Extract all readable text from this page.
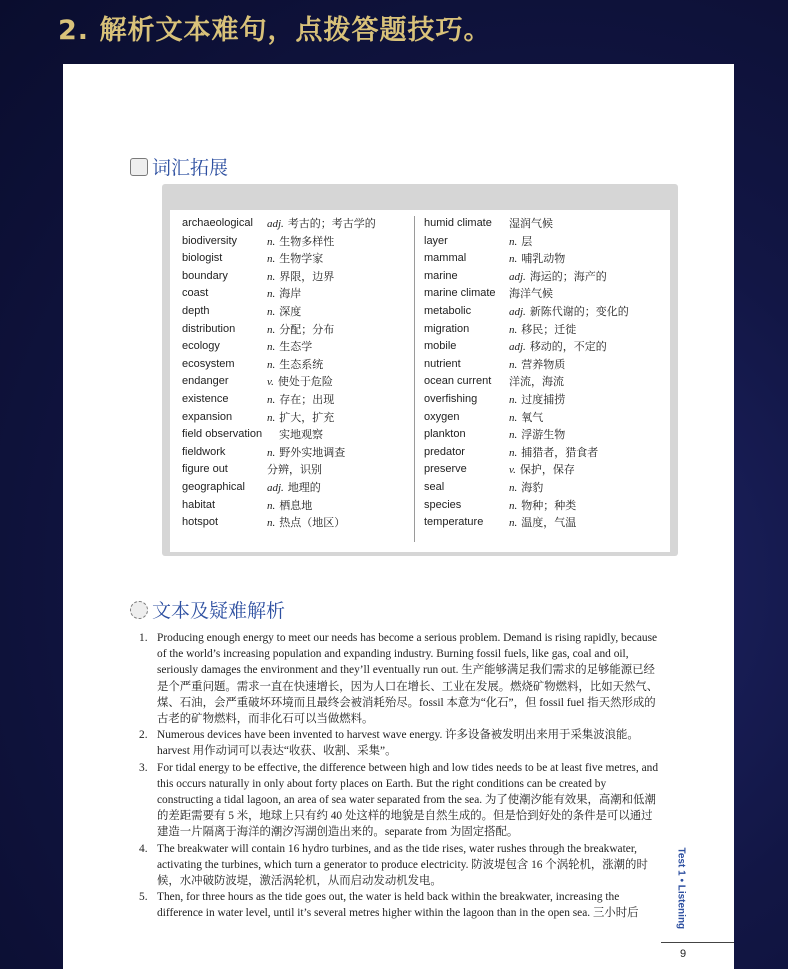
2. 解析文本难句，点拨答题技巧。
词汇拓展
archaeological adj. 考古的；考古学的
biodiversity	n. 生物多样性
biologist	n. 生物学家
boundary	n. 界限，边界
coast	n. 海岸
depth	n. 深度
distribution	n. 分配；分布
ecology	n. 生态学
ecosystem	n. 生态系统
endanger	v. 使处于危险
existence	n. 存在；出现
expansion	n. 扩大，扩充
field observation 实地观察
fieldwork	n. 野外实地调查
figure out	分辨，识别
geographical adj. 地理的
habitat	n. 栖息地
hotspot	n. 热点（地区）
humid climate 湿润气候
layer	n. 层
mammal	n. 哺乳动物
marine	adj. 海运的；海产的
marine climate 海洋气候
metabolic	adj. 新陈代谢的；变化的
migration	n. 移民；迁徙
mobile	adj. 移动的，不定的
nutrient	n. 营养物质
ocean current 洋流，海流
overfishing	n. 过度捕捞
oxygen	n. 氧气
plankton	n. 浮游生物
predator	n. 捕猎者，猎食者
preserve	v. 保护，保存
seal	n. 海豹
species	n. 物种；种类
temperature n. 温度，气温
文本及疑难解析
1. Producing enough energy to meet our needs has become a serious problem. Demand is rising rapidly, because of the world’s increasing population and expanding industry. Burning fossil fuels, like gas, coal and oil, seriously damages the environment and they’ll eventually run out. 生产能够满足我们需求的足够能源已经是个严重问题。需求一直在快速增长，因为人口在增长、工业在发展。燃烧矿物燃料，比如天然气、煤、石油，会严重破坏环境而且最终会被消耗殆尽。fossil 本意为“化石”，但 fossil fuel 指天然形成的古老的矿物燃料，而非化石可以当做燃料。
2. Numerous devices have been invented to harvest wave energy. 许多设备被发明出来用于采集波浪能。harvest 用作动词可以表达“收获、收割、采集”。
3. For tidal energy to be effective, the difference between high and low tides needs to be at least five metres, and this occurs naturally in only about forty places on Earth. But the right conditions can be created by constructing a tidal lagoon, an area of sea water separated from the sea. 为了使潮汐能有效果，高潮和低潮的差距需要有 5 米，地球上只有约 40 处这样的地貌是自然生成的。但是恰到好处的条件是可以通过建造一片隔离于海洋的潮汐泻湖创造出来的。separate from 为固定搭配。
4. The breakwater will contain 16 hydro turbines, and as the tide rises, water rushes through the breakwater, activating the turbines, which turn a generator to produce electricity. 防波堤包含 16 个涡轮机，涨潮的时候，水冲破防波堤，激活涡轮机，从而启动发动机发电。
5. Then, for three hours as the tide goes out, the water is held back within the breakwater, increasing the difference in water level, until it’s several metres higher within the lagoon than in the open sea. 三小时后	Test 1 • Listening
9
